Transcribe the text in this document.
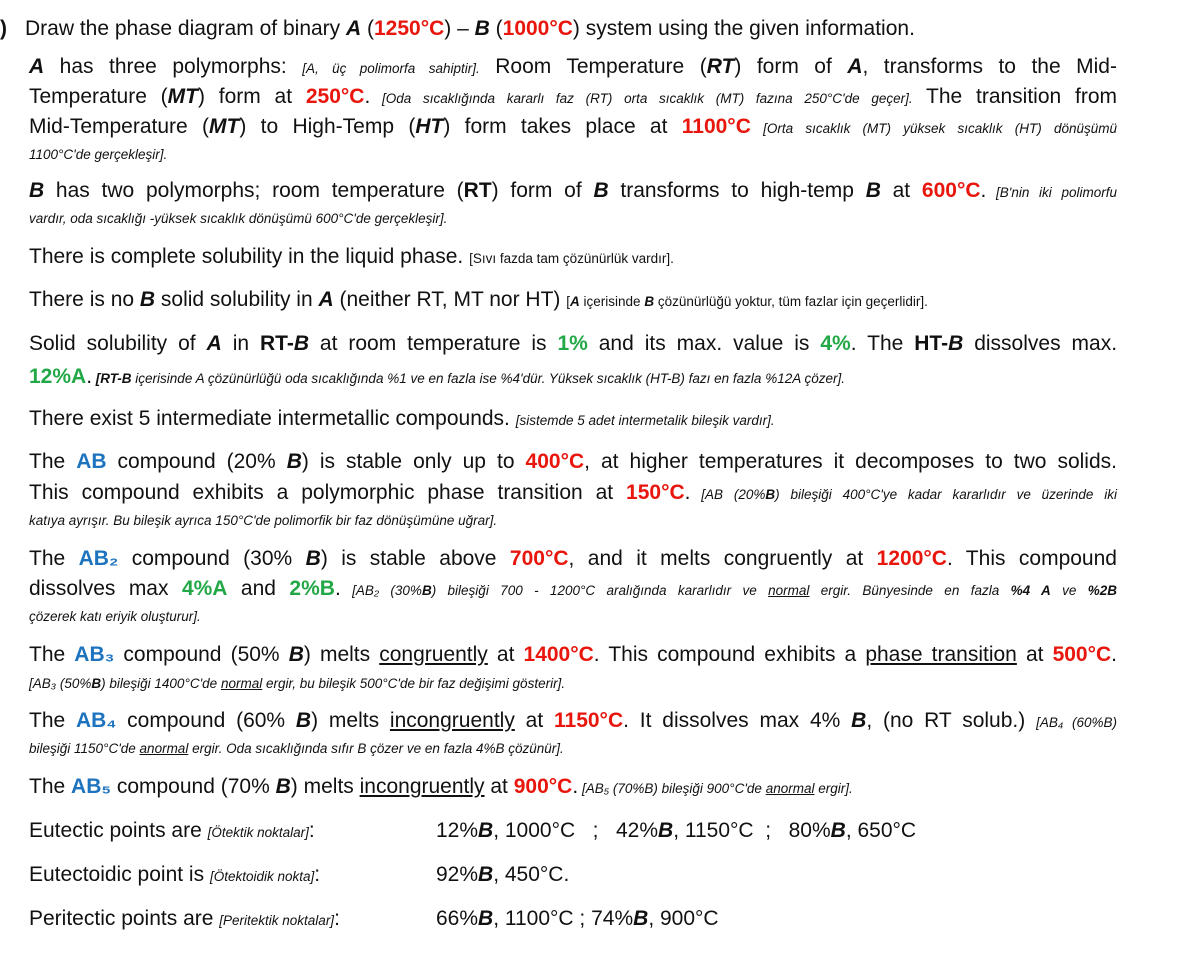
) Draw the phase diagram of binary A (1250°C) – B (1000°C) system using the given information.
A has three polymorphs: [A, üç polimorfa sahiptir]. Room Temperature (RT) form of A, transforms to the Mid-
Temperature (MT) form at 250°C. [Oda sıcaklığında kararlı faz (RT) orta sıcaklık (MT) fazına 250°C'de geçer]. The transition from
Mid-Temperature (MT) to High-Temp (HT) form takes place at 1100°C [Orta sıcaklık (MT) yüksek sıcaklık (HT) dönüşümü
1100°C'de gerçekleşir].
B has two polymorphs; room temperature (RT) form of B transforms to high-temp B at 600°C. [B'nin iki polimorfu
vardır, oda sıcaklığı -yüksek sıcaklık dönüşümü 600°C'de gerçekleşir].
There is complete solubility in the liquid phase. [Sıvı fazda tam çözünürlük vardır].
There is no B solid solubility in A (neither RT, MT nor HT) [A içerisinde B çözünürlüğü yoktur, tüm fazlar için geçerlidir].
Solid solubility of A in RT-B at room temperature is 1% and its max. value is 4%. The HT-B dissolves max.
12%A. [RT-B içerisinde A çözünürlüğü oda sıcaklığında %1 ve en fazla ise %4'dür. Yüksek sıcaklık (HT-B) fazı en fazla %12A çözer].
There exist 5 intermediate intermetallic compounds. [sistemde 5 adet intermetalik bileşik vardır].
The AB compound (20% B) is stable only up to 400°C, at higher temperatures it decomposes to two solids.
This compound exhibits a polymorphic phase transition at 150°C. [AB (20%B) bileşiği 400°C'ye kadar kararlıdır ve üzerinde iki
katıya ayrışır. Bu bileşik ayrıca 150°C'de polimorfik bir faz dönüşümüne uğrar].
The AB₂ compound (30% B) is stable above 700°C, and it melts congruently at 1200°C. This compound
dissolves max 4%A and 2%B. [AB₂ (30%B) bileşiği 700 - 1200°C aralığında kararlıdır ve normal ergir. Bünyesinde en fazla %4 A ve %2B
çözerek katı eriyik oluşturur].
The AB₃ compound (50% B) melts congruently at 1400°C. This compound exhibits a phase transition at 500°C.
[AB₃ (50%B) bileşiği 1400°C'de normal ergir, bu bileşik 500°C'de bir faz değişimi gösterir].
The AB₄ compound (60% B) melts incongruently at 1150°C. It dissolves max 4% B, (no RT solub.) [AB₄ (60%B)
bileşiği 1150°C'de anormal ergir. Oda sıcaklığında sıfır B çözer ve en fazla 4%B çözünür].
The AB₅ compound (70% B) melts incongruently at 900°C. [AB₅ (70%B) bileşiği 900°C'de anormal ergir].
Eutectic points are [Ötektik noktalar]:	12%B, 1000°C   ;   42%B, 1150°C  ;   80%B, 650°C
Eutectoidic point is [Ötektoidik nokta]:	92%B, 450°C.
Peritectic points are [Peritektik noktalar]:	66%B, 1100°C ; 74%B, 900°C
